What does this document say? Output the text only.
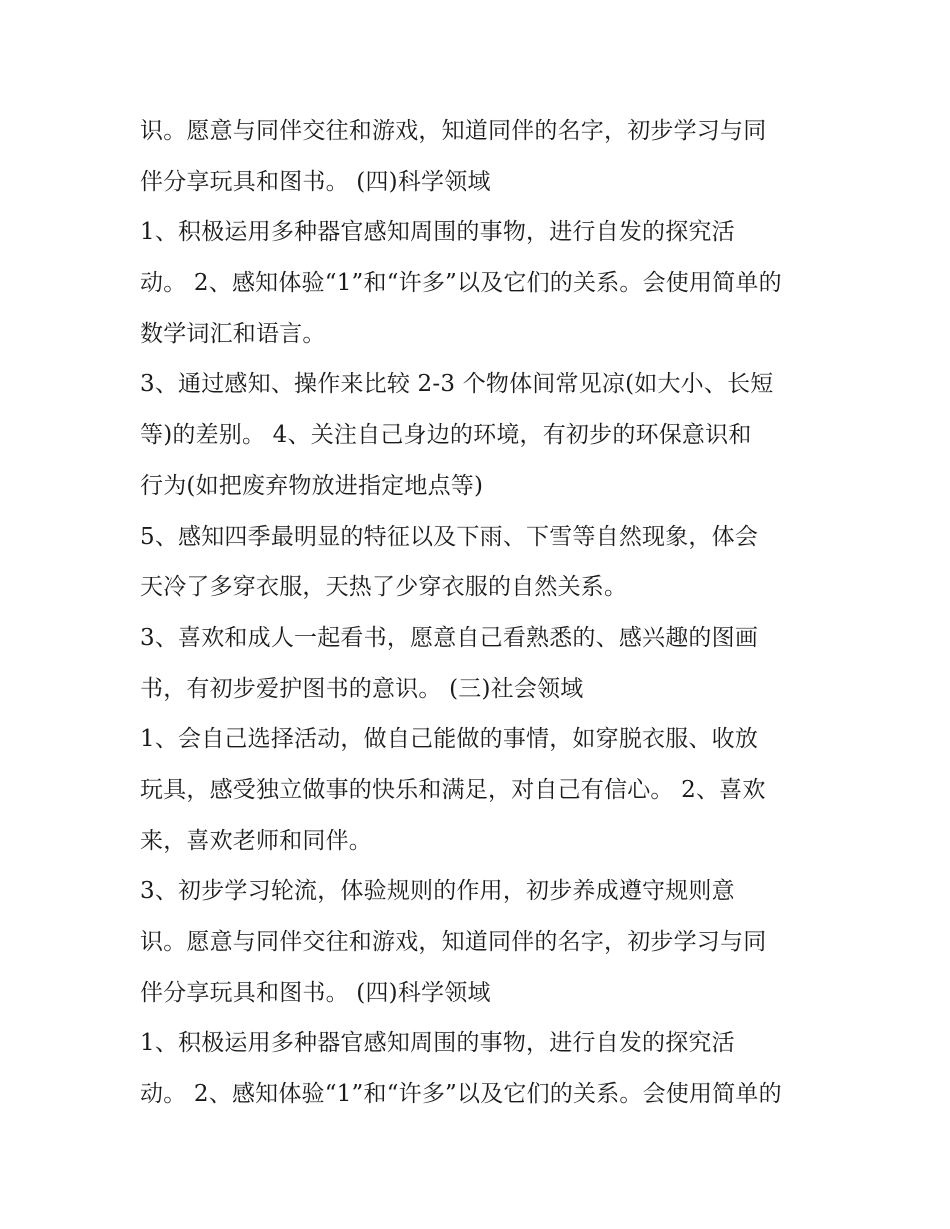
识。愿意与同伴交往和游戏，知道同伴的名字，初步学习与同
伴分享玩具和图书。 (四)科学领域
1、积极运用多种器官感知周围的事物，进行自发的探究活
动。 2、感知体验“1”和“许多”以及它们的关系。会使用简单的
数学词汇和语言。
3、通过感知、操作来比较 2-3 个物体间常见凉(如大小、长短
等)的差别。 4、关注自己身边的环境，有初步的环保意识和
行为(如把废弃物放进指定地点等)
5、感知四季最明显的特征以及下雨、下雪等自然现象，体会
天冷了多穿衣服，天热了少穿衣服的自然关系。
3、喜欢和成人一起看书，愿意自己看熟悉的、感兴趣的图画
书，有初步爱护图书的意识。 (三)社会领域
1、会自己选择活动，做自己能做的事情，如穿脱衣服、收放
玩具，感受独立做事的快乐和满足，对自己有信心。 2、喜欢
来，喜欢老师和同伴。
3、初步学习轮流，体验规则的作用，初步养成遵守规则意
识。愿意与同伴交往和游戏，知道同伴的名字，初步学习与同
伴分享玩具和图书。 (四)科学领域
1、积极运用多种器官感知周围的事物，进行自发的探究活
动。 2、感知体验“1”和“许多”以及它们的关系。会使用简单的
